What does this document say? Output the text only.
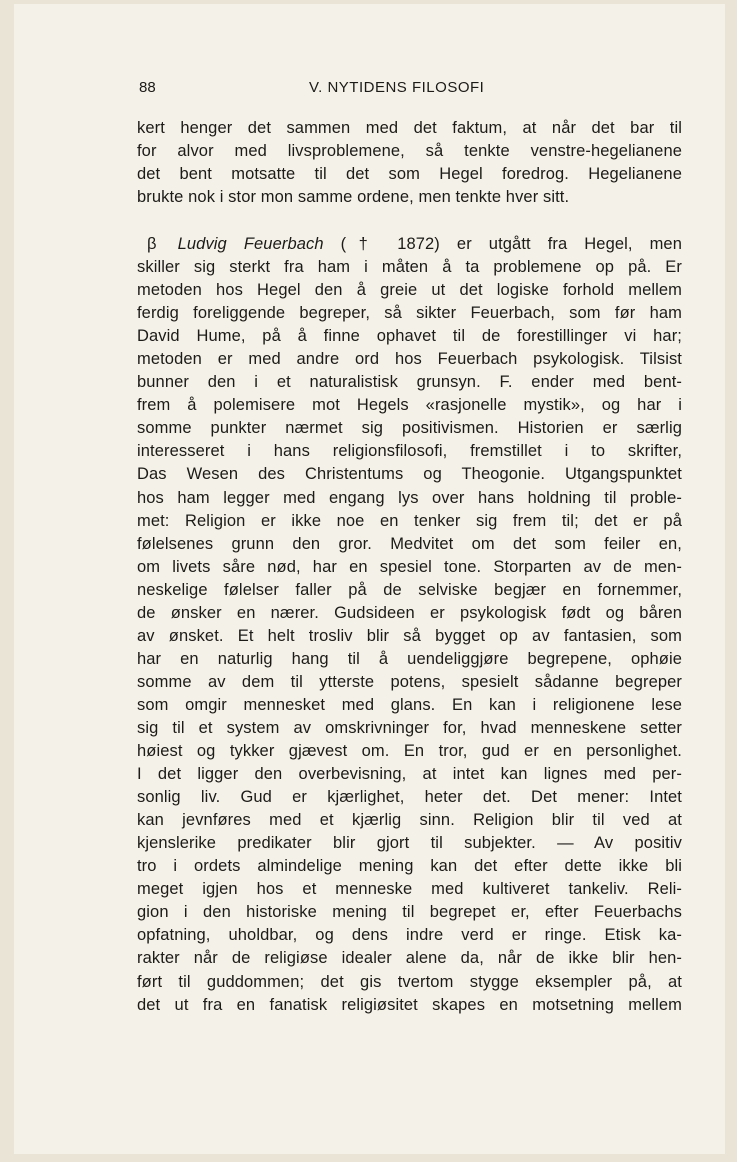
88	V. NYTIDENS FILOSOFI
kert henger det sammen med det faktum, at når det bar til
for alvor med livsproblemene, så tenkte venstre-hegelianene
det bent motsatte til det som Hegel foredrog. Hegelianene
brukte nok i stor mon samme ordene, men tenkte hver sitt.
β Ludvig Feuerbach († 1872) er utgått fra Hegel, men
skiller sig sterkt fra ham i måten å ta problemene op på. Er
metoden hos Hegel den å greie ut det logiske forhold mellem
ferdig foreliggende begreper, så sikter Feuerbach, som før ham
David Hume, på å finne ophavet til de forestillinger vi har;
metoden er med andre ord hos Feuerbach psykologisk. Tilsist
bunner den i et naturalistisk grunsyn. F. ender med bent-
frem å polemisere mot Hegels «rasjonelle mystik», og har i
somme punkter nærmet sig positivismen. Historien er særlig
interesseret i hans religionsfilosofi, fremstillet i to skrifter,
Das Wesen des Christentums og Theogonie. Utgangspunktet
hos ham legger med engang lys over hans holdning til proble-
met: Religion er ikke noe en tenker sig frem til; det er på
følelsenes grunn den gror. Medvitet om det som feiler en,
om livets såre nød, har en spesiel tone. Storparten av de men-
neskelige følelser faller på de selviske begjær en fornemmer,
de ønsker en nærer. Gudsideen er psykologisk født og båren
av ønsket. Et helt trosliv blir så bygget op av fantasien, som
har en naturlig hang til å uendeliggjøre begrepene, ophøie
somme av dem til ytterste potens, spesielt sådanne begreper
som omgir mennesket med glans. En kan i religionene lese
sig til et system av omskrivninger for, hvad menneskene setter
høiest og tykker gjævest om. En tror, gud er en personlighet.
I det ligger den overbevisning, at intet kan lignes med per-
sonlig liv. Gud er kjærlighet, heter det. Det mener: Intet
kan jevnføres med et kjærlig sinn. Religion blir til ved at
kjenslerike predikater blir gjort til subjekter. — Av positiv
tro i ordets almindelige mening kan det efter dette ikke bli
meget igjen hos et menneske med kultiveret tankeliv. Reli-
gion i den historiske mening til begrepet er, efter Feuerbachs
opfatning, uholdbar, og dens indre verd er ringe. Etisk ka-
rakter når de religiøse idealer alene da, når de ikke blir hen-
ført til guddommen; det gis tvertom stygge eksempler på, at
det ut fra en fanatisk religiøsitet skapes en motsetning mellem
